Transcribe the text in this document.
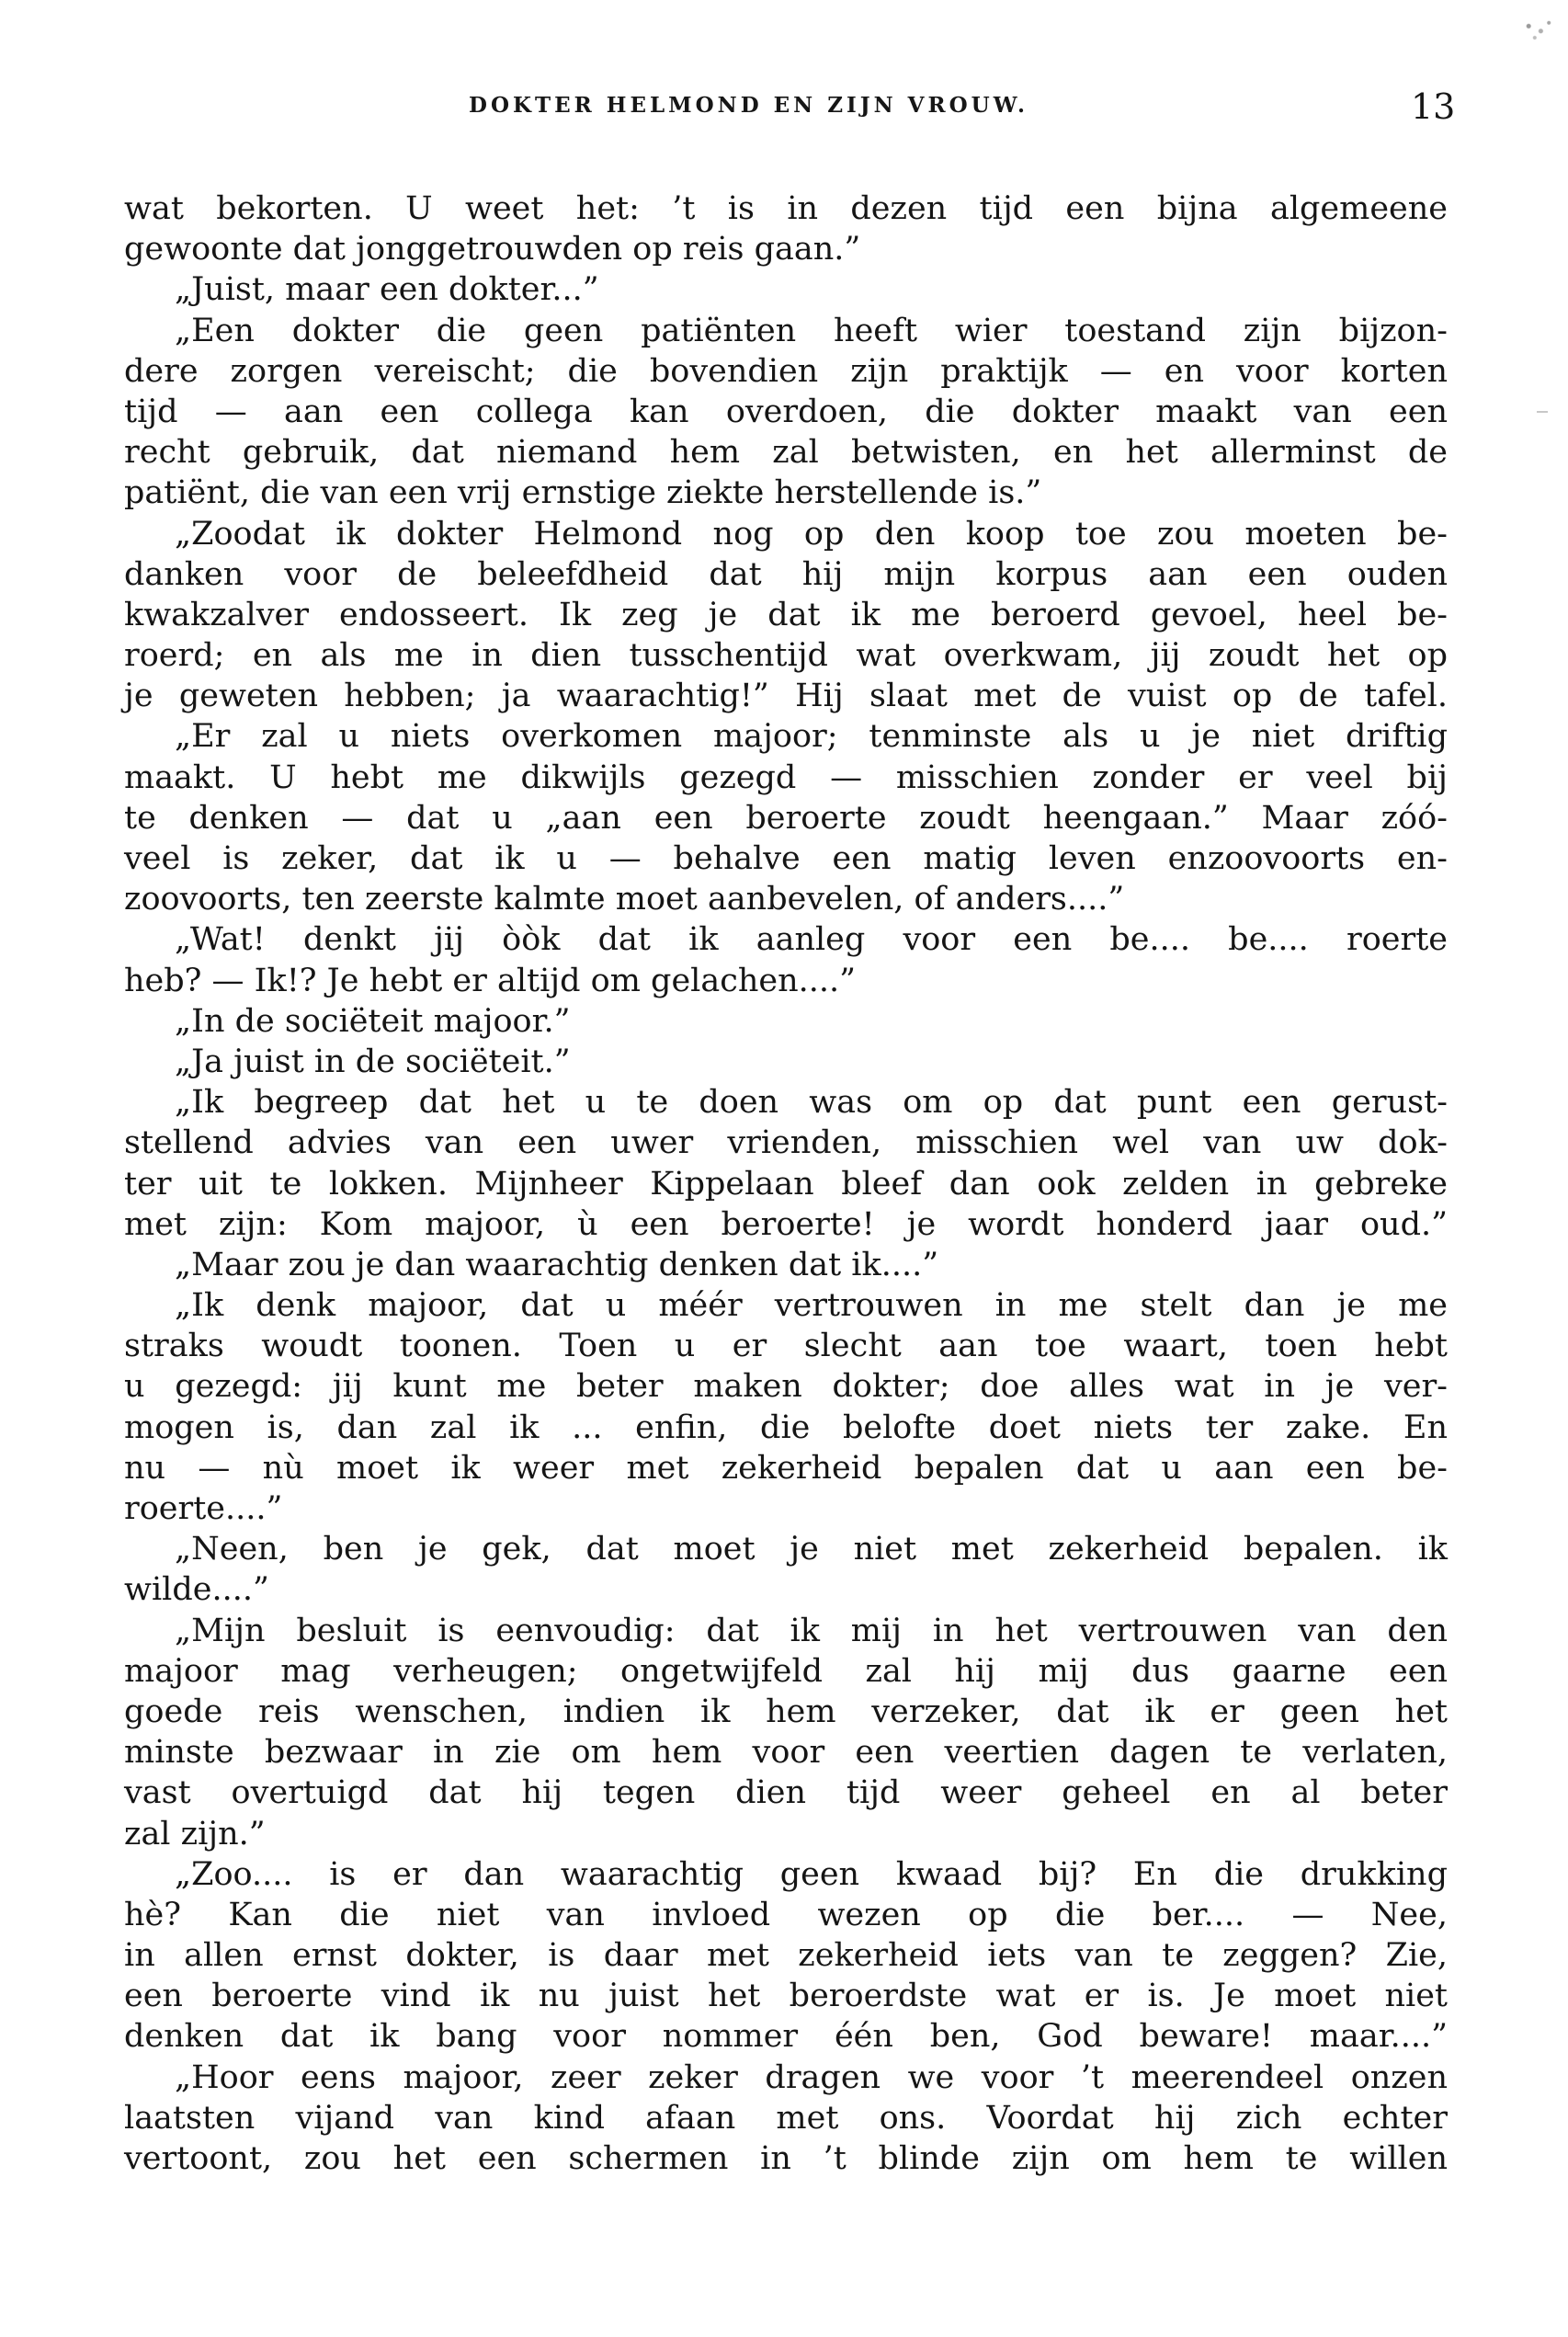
DOKTER HELMOND EN ZIJN VROUW.	13
wat bekorten. U weet het: ’t is in dezen tijd een bijna algemeene
gewoonte dat jonggetrouwden op reis gaan.”
„Juist, maar een dokter...”
„Een dokter die geen patiënten heeft wier toestand zijn bijzon-
dere zorgen vereischt; die bovendien zijn praktijk — en voor korten
tijd — aan een collega kan overdoen, die dokter maakt van een
recht gebruik, dat niemand hem zal betwisten, en het allerminst de
patiënt, die van een vrij ernstige ziekte herstellende is.”
„Zoodat ik dokter Helmond nog op den koop toe zou moeten be-
danken voor de beleefdheid dat hij mijn korpus aan een ouden
kwakzalver endosseert. Ik zeg je dat ik me beroerd gevoel, heel be-
roerd; en als me in dien tusschentijd wat overkwam, jij zoudt het op
je geweten hebben; ja waarachtig!” Hij slaat met de vuist op de tafel.
„Er zal u niets overkomen majoor; tenminste als u je niet driftig
maakt. U hebt me dikwijls gezegd — misschien zonder er veel bij
te denken — dat u „aan een beroerte zoudt heengaan.” Maar zóó-
veel is zeker, dat ik u — behalve een matig leven enzoovoorts en-
zoovoorts, ten zeerste kalmte moet aanbevelen, of anders....”
„Wat! denkt jij òòk dat ik aanleg voor een be.... be.... roerte
heb? — Ik!? Je hebt er altijd om gelachen....”
„In de sociëteit majoor.”
„Ja juist in de sociëteit.”
„Ik begreep dat het u te doen was om op dat punt een gerust-
stellend advies van een uwer vrienden, misschien wel van uw dok-
ter uit te lokken. Mijnheer Kippelaan bleef dan ook zelden in gebreke
met zijn: Kom majoor, ù een beroerte! je wordt honderd jaar oud.”
„Maar zou je dan waarachtig denken dat ik....”
„Ik denk majoor, dat u méér vertrouwen in me stelt dan je me
straks woudt toonen. Toen u er slecht aan toe waart, toen hebt
u gezegd: jij kunt me beter maken dokter; doe alles wat in je ver-
mogen is, dan zal ik ... enfin, die belofte doet niets ter zake. En
nu — nù moet ik weer met zekerheid bepalen dat u aan een be-
roerte....”
„Neen, ben je gek, dat moet je niet met zekerheid bepalen. ik
wilde....”
„Mijn besluit is eenvoudig: dat ik mij in het vertrouwen van den
majoor mag verheugen; ongetwijfeld zal hij mij dus gaarne een
goede reis wenschen, indien ik hem verzeker, dat ik er geen het
minste bezwaar in zie om hem voor een veertien dagen te verlaten,
vast overtuigd dat hij tegen dien tijd weer geheel en al beter
zal zijn.”
„Zoo.... is er dan waarachtig geen kwaad bij? En die drukking
hè? Kan die niet van invloed wezen op die ber.... — Nee,
in allen ernst dokter, is daar met zekerheid iets van te zeggen? Zie,
een beroerte vind ik nu juist het beroerdste wat er is. Je moet niet
denken dat ik bang voor nommer één ben, God beware! maar....”
„Hoor eens majoor, zeer zeker dragen we voor ’t meerendeel onzen
laatsten vijand van kind afaan met ons. Voordat hij zich echter
vertoont, zou het een schermen in ’t blinde zijn om hem te willen
